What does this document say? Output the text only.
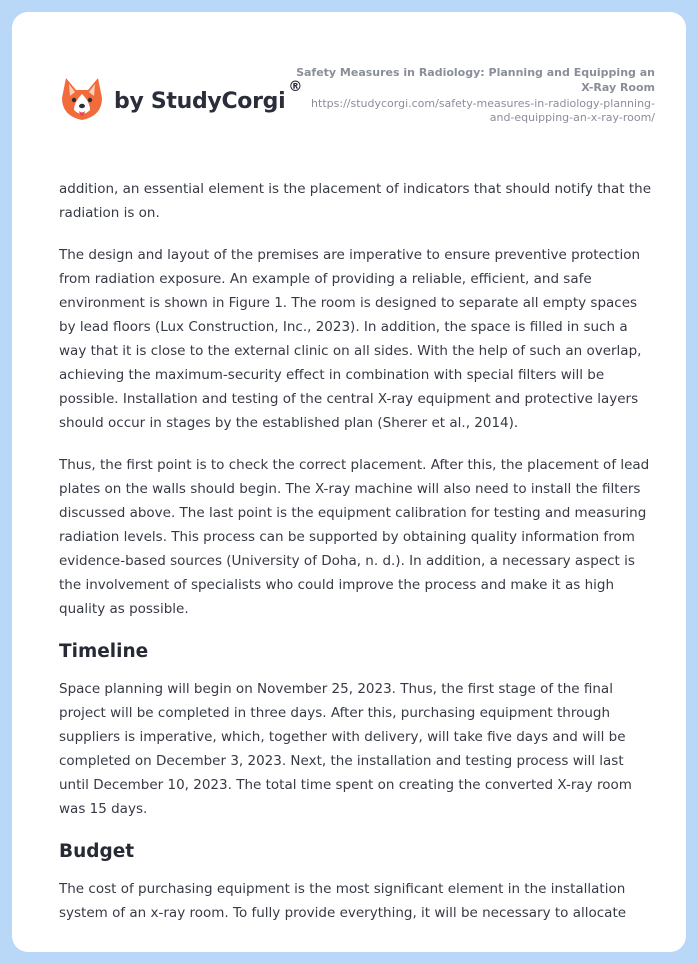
by StudyCorgi
®
Safety Measures in Radiology: Planning and Equipping an X-Ray Room
https://studycorgi.com/safety-measures-in-radiology-planning-and-equipping-an-x-ray-room/

addition, an essential element is the placement of indicators that should notify that the radiation is on.

The design and layout of the premises are imperative to ensure preventive protection from radiation exposure. An example of providing a reliable, efficient, and safe environment is shown in Figure 1. The room is designed to separate all empty spaces by lead floors (Lux Construction, Inc., 2023). In addition, the space is filled in such a way that it is close to the external clinic on all sides. With the help of such an overlap, achieving the maximum-security effect in combination with special filters will be possible. Installation and testing of the central X-ray equipment and protective layers should occur in stages by the established plan (Sherer et al., 2014).

Thus, the first point is to check the correct placement. After this, the placement of lead plates on the walls should begin. The X-ray machine will also need to install the filters discussed above. The last point is the equipment calibration for testing and measuring radiation levels. This process can be supported by obtaining quality information from evidence-based sources (University of Doha, n. d.). In addition, a necessary aspect is the involvement of specialists who could improve the process and make it as high quality as possible.

Timeline

Space planning will begin on November 25, 2023. Thus, the first stage of the final project will be completed in three days. After this, purchasing equipment through suppliers is imperative, which, together with delivery, will take five days and will be completed on December 3, 2023. Next, the installation and testing process will last until December 10, 2023. The total time spent on creating the converted X-ray room was 15 days.

Budget

The cost of purchasing equipment is the most significant element in the installation system of an x-ray room. To fully provide everything, it will be necessary to allocate
